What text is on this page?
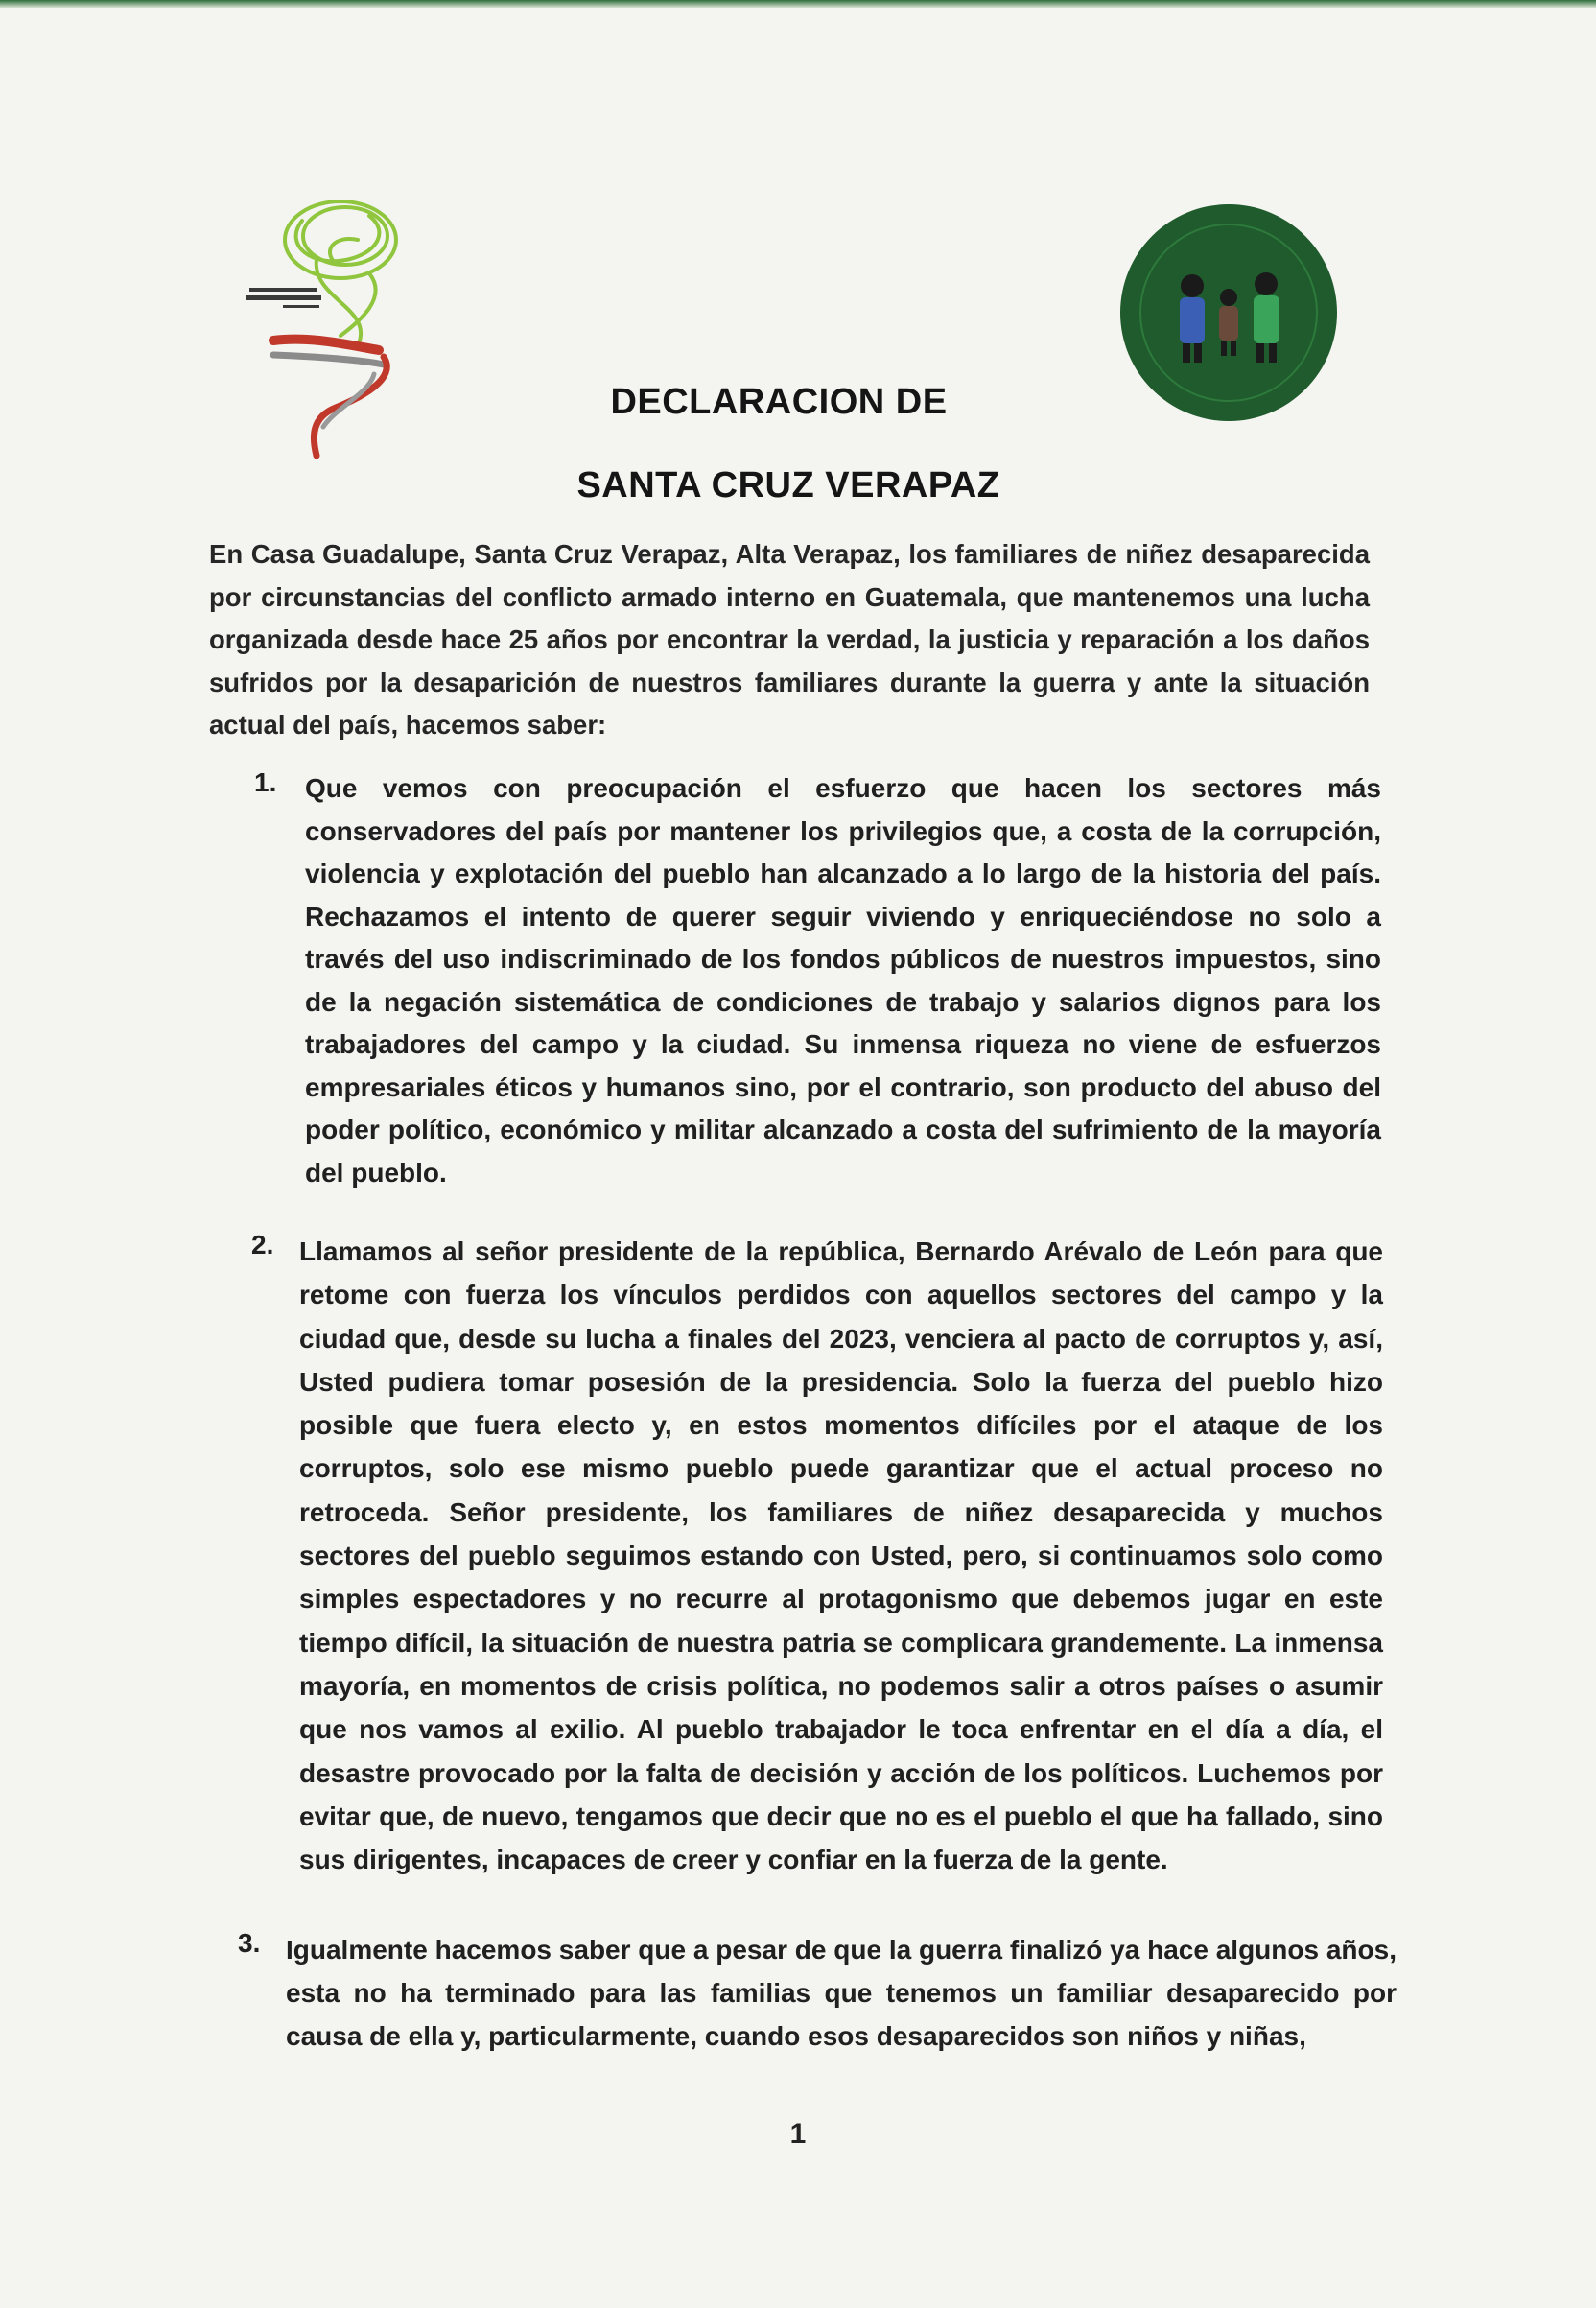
DECLARACION DE
SANTA CRUZ VERAPAZ
En Casa Guadalupe, Santa Cruz Verapaz, Alta Verapaz, los familiares de niñez desaparecida por circunstancias del conflicto armado interno en Guatemala, que mantenemos una lucha organizada desde hace 25 años por encontrar la verdad, la justicia y reparación a los daños sufridos por la desaparición de nuestros familiares durante la guerra y ante la situación actual del país, hacemos saber:
1. Que vemos con preocupación el esfuerzo que hacen los sectores más conservadores del país por mantener los privilegios que, a costa de la corrupción, violencia y explotación del pueblo han alcanzado a lo largo de la historia del país. Rechazamos el intento de querer seguir viviendo y enriqueciéndose no solo a través del uso indiscriminado de los fondos públicos de nuestros impuestos, sino de la negación sistemática de condiciones de trabajo y salarios dignos para los trabajadores del campo y la ciudad. Su inmensa riqueza no viene de esfuerzos empresariales éticos y humanos sino, por el contrario, son producto del abuso del poder político, económico y militar alcanzado a costa del sufrimiento de la mayoría del pueblo.
2. Llamamos al señor presidente de la república, Bernardo Arévalo de León para que retome con fuerza los vínculos perdidos con aquellos sectores del campo y la ciudad que, desde su lucha a finales del 2023, venciera al pacto de corruptos y, así, Usted pudiera tomar posesión de la presidencia. Solo la fuerza del pueblo hizo posible que fuera electo y, en estos momentos difíciles por el ataque de los corruptos, solo ese mismo pueblo puede garantizar que el actual proceso no retroceda. Señor presidente, los familiares de niñez desaparecida y muchos sectores del pueblo seguimos estando con Usted, pero, si continuamos solo como simples espectadores y no recurre al protagonismo que debemos jugar en este tiempo difícil, la situación de nuestra patria se complicara grandemente. La inmensa mayoría, en momentos de crisis política, no podemos salir a otros países o asumir que nos vamos al exilio. Al pueblo trabajador le toca enfrentar en el día a día, el desastre provocado por la falta de decisión y acción de los políticos. Luchemos por evitar que, de nuevo, tengamos que decir que no es el pueblo el que ha fallado, sino sus dirigentes, incapaces de creer y confiar en la fuerza de la gente.
3. Igualmente hacemos saber que a pesar de que la guerra finalizó ya hace algunos años, esta no ha terminado para las familias que tenemos un familiar desaparecido por causa de ella y, particularmente, cuando esos desaparecidos son niños y niñas,
1
